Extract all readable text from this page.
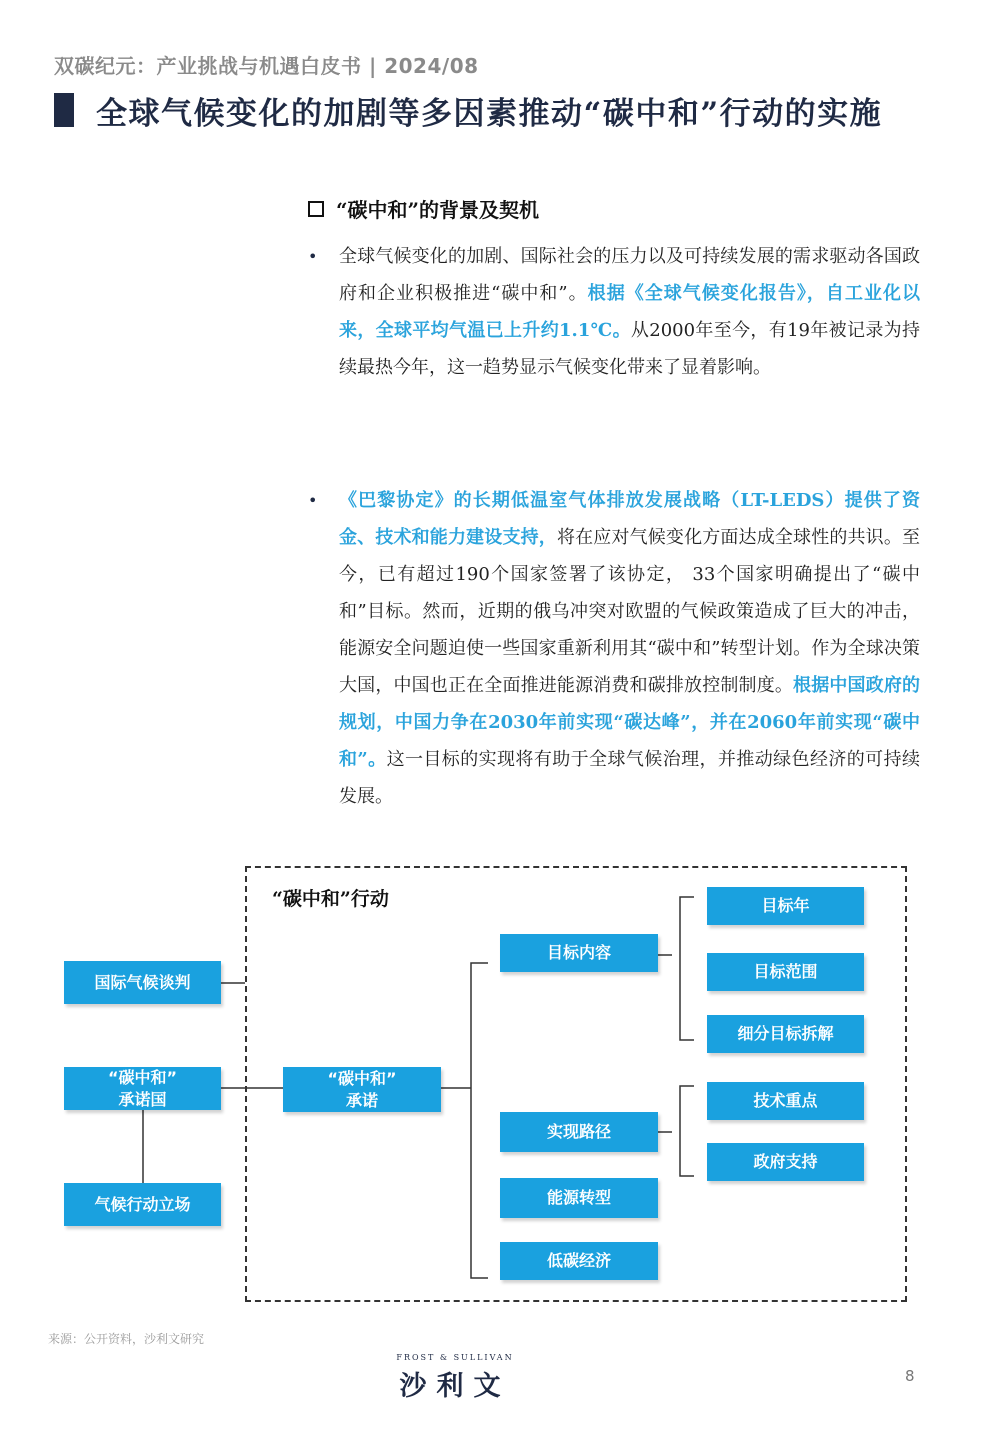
双碳纪元：产业挑战与机遇白皮书 | 2024/08
全球气候变化的加剧等多因素推动“碳中和”行动的实施
“碳中和”的背景及契机
• 全球气候变化的加剧、国际社会的压力以及可持续发展的需求驱动各国政府和企业积极推进“碳中和”。根据《全球气候变化报告》，自工业化以来，全球平均气温已上升约1.1℃。从2000年至今，有19年被记录为持续最热今年，这一趋势显示气候变化带来了显着影响。
• 《巴黎协定》的长期低温室气体排放发展战略（LT-LEDS）提供了资金、技术和能力建设支持，将在应对气候变化方面达成全球性的共识。至今，已有超过190个国家签署了该协定， 33个国家明确提出了“碳中和”目标。然而，近期的俄乌冲突对欧盟的气候政策造成了巨大的冲击，能源安全问题迫使一些国家重新利用其“碳中和”转型计划。作为全球决策大国，中国也正在全面推进能源消费和碳排放控制制度。根据中国政府的规划，中国力争在2030年前实现“碳达峰”，并在2060年前实现“碳中和”。这一目标的实现将有助于全球气候治理，并推动绿色经济的可持续发展。
“碳中和”行动
国际气候谈判
“碳中和”
承诺国
气候行动立场
“碳中和”
承诺
目标内容
实现路径
能源转型
低碳经济
目标年
目标范围
细分目标拆解
技术重点
政府支持
来源：公开资料，沙利文研究
FROST & SULLIVAN
沙利文	8
